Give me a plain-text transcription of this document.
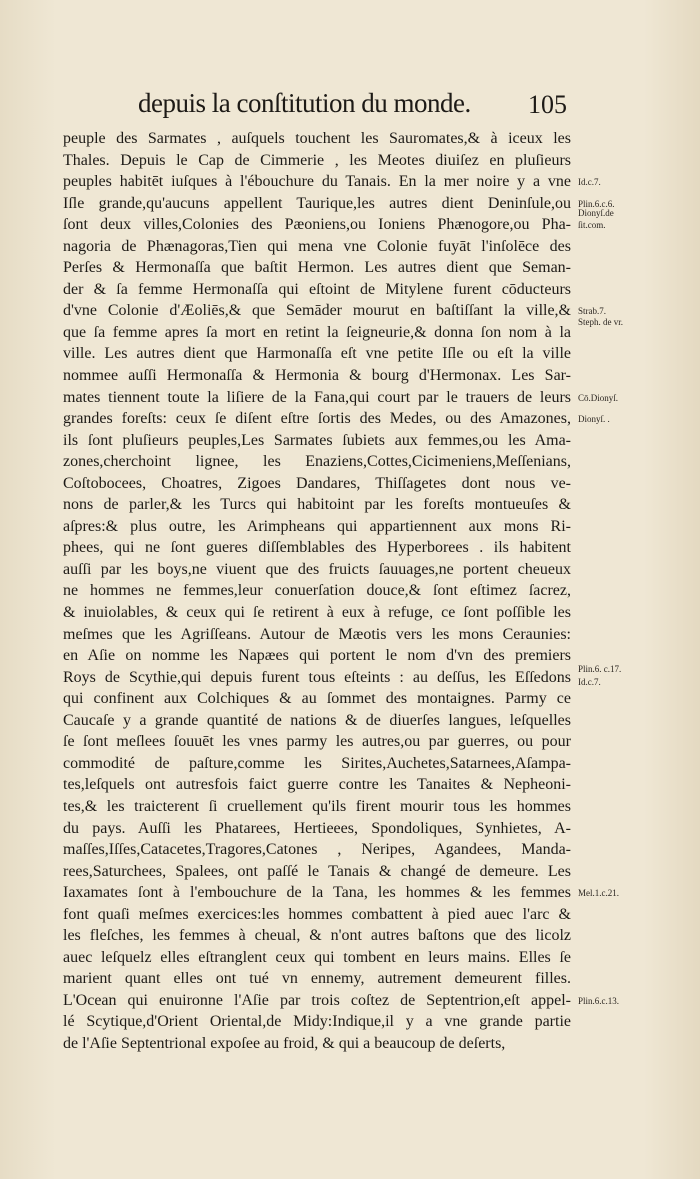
depuis la conſtitution du monde. 105
peuple des Sarmates , auſquels touchent les Sauromates,& à iceux les
Thales. Depuis le Cap de Cimmerie , les Meotes diuiſez en pluſieurs
peuples habitēt iuſques à l'ébouchure du Tanais. En la mer noire y a vne
Iſle grande,qu'aucuns appellent Taurique,les autres dient Deninſule,ou
ſont deux villes,Colonies des Pæoniens,ou Ioniens Phænogore,ou Pha-
nagoria de Phænagoras,Tien qui mena vne Colonie fuyāt l'inſolēce des
Perſes & Hermonaſſa que baſtit Hermon. Les autres dient que Seman-
der & ſa femme Hermonaſſa qui eſtoint de Mitylene furent cōducteurs
d'vne Colonie d'Æoliēs,& que Semāder mourut en baſtiſſant la ville,&
que ſa femme apres ſa mort en retint la ſeigneurie,& donna ſon nom à la
ville. Les autres dient que Harmonaſſa eſt vne petite Iſle ou eſt la ville
nommee auſſi Hermonaſſa & Hermonia & bourg d'Hermonax. Les Sar-
mates tiennent toute la liſiere de la Fana,qui court par le trauers de leurs
grandes foreſts: ceux ſe diſent eſtre ſortis des Medes, ou des Amazones,
ils ſont pluſieurs peuples,Les Sarmates ſubiets aux femmes,ou les Ama-
zones,cherchoint lignee, les Enaziens,Cottes,Cicimeniens,Meſſenians,
Coſtobocees, Choatres, Zigoes Dandares, Thiſſagetes dont nous ve-
nons de parler,& les Turcs qui habitoint par les foreſts montueuſes &
aſpres:& plus outre, les Arimpheans qui appartiennent aux mons Ri-
phees, qui ne ſont gueres diſſemblables des Hyperborees . ils habitent
auſſi par les boys,ne viuent que des fruicts ſauuages,ne portent cheueux
ne hommes ne femmes,leur conuerſation douce,& ſont eſtimez ſacrez,
& inuiolables, & ceux qui ſe retirent à eux à refuge, ce ſont poſſible les
meſmes que les Agriſſeans. Autour de Mæotis vers les mons Ceraunies:
en Aſie on nomme les Napæes qui portent le nom d'vn des premiers
Roys de Scythie,qui depuis furent tous eſteints : au deſſus, les Eſſedons
qui confinent aux Colchiques & au ſommet des montaignes. Parmy ce
Caucaſe y a grande quantité de nations & de diuerſes langues, leſquelles
ſe ſont meſlees ſouuēt les vnes parmy les autres,ou par guerres, ou pour
commodité de paſture,comme les Sirites,Auchetes,Satarnees,Aſampa-
tes,leſquels ont autresfois faict guerre contre les Tanaites & Nepheoni-
tes,& les traicterent ſi cruellement qu'ils firent mourir tous les hommes
du pays. Auſſi les Phatarees, Hertieees, Spondoliques, Synhietes, A-
maſſes,Iſſes,Catacetes,Tragores,Catones , Neripes, Agandees, Manda-
rees,Saturchees, Spalees, ont paſſé le Tanais & changé de demeure. Les
Iaxamates ſont à l'embouchure de la Tana, les hommes & les femmes
font quaſi meſmes exercices:les hommes combattent à pied auec l'arc &
les fleſches, les femmes à cheual, & n'ont autres baſtons que des licolz
auec leſquelz elles eſtranglent ceux qui tombent en leurs mains. Elles ſe
marient quant elles ont tué vn ennemy, autrement demeurent filles.
L'Ocean qui enuironne l'Aſie par trois coſtez de Septentrion,eſt appel-
lé Scytique,d'Orient Oriental,de Midy:Indique,il y a vne grande partie
de l'Aſie Septentrional expoſee au froid, & qui a beaucoup de deſerts,
Id.c.7.
Plin.6.c.6.
Dionyſ.de
ſit.com.
Strab.7.
Steph. de vr.
Cō.Dionyſ.
Dionyſ. .
Plin.6. c.17.
Id.c.7.
Mel.1.c.21.
Plin.6.c.13.
